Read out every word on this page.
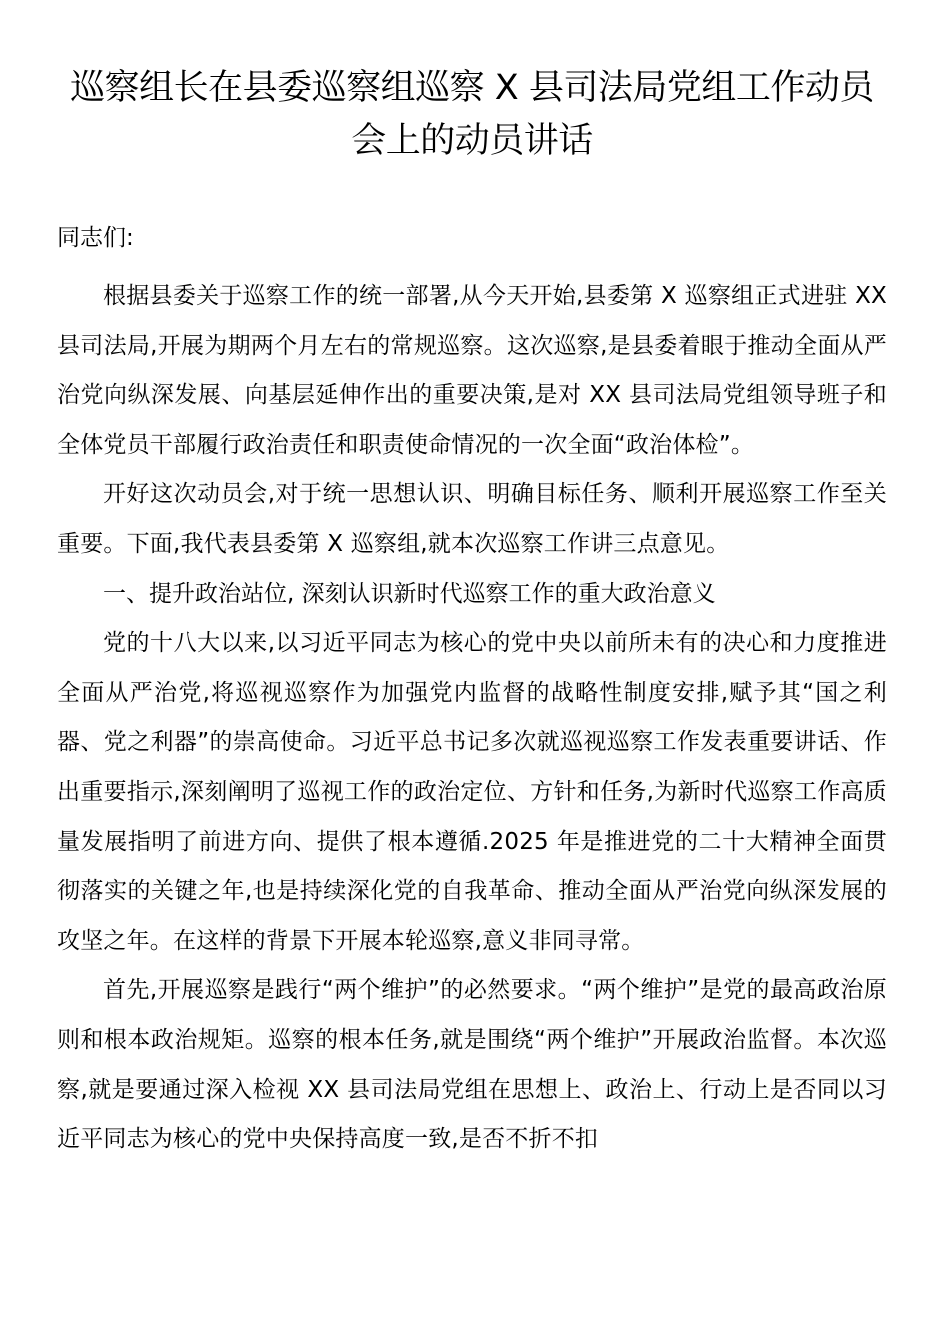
巡察组长在县委巡察组巡察 X 县司法局党组工作动员会上的动员讲话

同志们:

根据县委关于巡察工作的统一部署,从今天开始,县委第 X 巡察组正式进驻 XX 县司法局,开展为期两个月左右的常规巡察。这次巡察,是县委着眼于推动全面从严治党向纵深发展、向基层延伸作出的重要决策,是对 XX 县司法局党组领导班子和全体党员干部履行政治责任和职责使命情况的一次全面“政治体检”。

开好这次动员会,对于统一思想认识、明确目标任务、顺利开展巡察工作至关重要。下面,我代表县委第 X 巡察组,就本次巡察工作讲三点意见。

一、提升政治站位, 深刻认识新时代巡察工作的重大政治意义

党的十八大以来,以习近平同志为核心的党中央以前所未有的决心和力度推进全面从严治党,将巡视巡察作为加强党内监督的战略性制度安排,赋予其“国之利器、党之利器”的崇高使命。习近平总书记多次就巡视巡察工作发表重要讲话、作出重要指示,深刻阐明了巡视工作的政治定位、方针和任务,为新时代巡察工作高质量发展指明了前进方向、提供了根本遵循.2025 年是推进党的二十大精神全面贯彻落实的关键之年,也是持续深化党的自我革命、推动全面从严治党向纵深发展的攻坚之年。在这样的背景下开展本轮巡察,意义非同寻常。

首先,开展巡察是践行“两个维护”的必然要求。“两个维护”是党的最高政治原则和根本政治规矩。巡察的根本任务,就是围绕“两个维护”开展政治监督。本次巡察,就是要通过深入检视 XX 县司法局党组在思想上、政治上、行动上是否同以习近平同志为核心的党中央保持高度一致,是否不折不扣
